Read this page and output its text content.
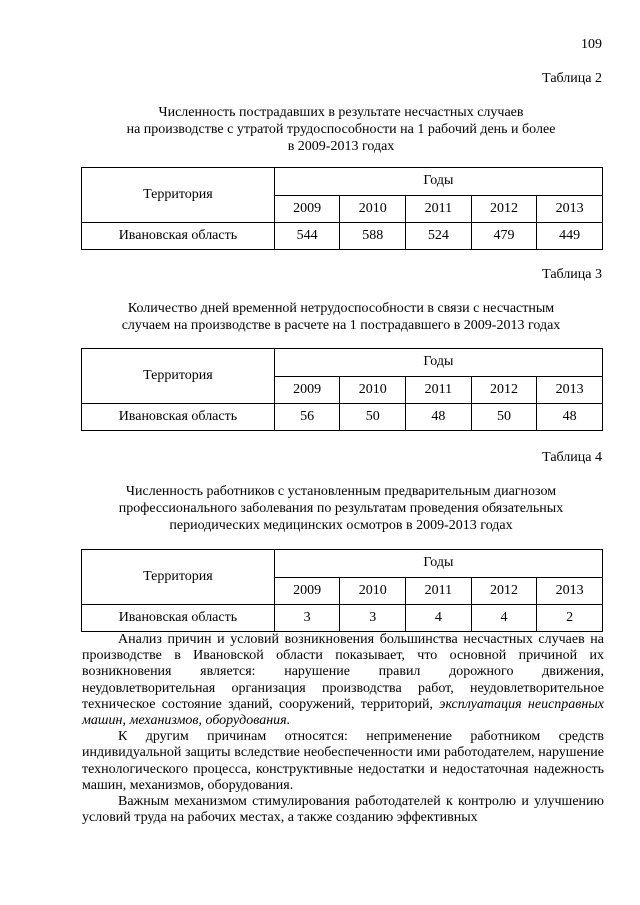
109
Таблица 2
Численность пострадавших в результате несчастных случаев
на производстве с утратой трудоспособности на 1 рабочий день и более
в 2009-2013 годах
Территория	Годы				
	2009	2010	2011	2012	2013
Ивановская область	544	588	524	479	449
Таблица 3
Количество дней временной нетрудоспособности в связи с несчастным
случаем на производстве в расчете на 1 пострадавшего в 2009-2013 годах
Территория	Годы				
	2009	2010	2011	2012	2013
Ивановская область	56	50	48	50	48
Таблица 4
Численность работников с установленным предварительным диагнозом
профессионального заболевания по результатам проведения обязательных
периодических медицинских осмотров в 2009-2013 годах
Территория	Годы				
	2009	2010	2011	2012	2013
Ивановская область	3	3	4	4	2

Анализ причин и условий возникновения большинства несчастных случаев на производстве в Ивановской области показывает, что основной причиной их возникновения является: нарушение правил дорожного движения, неудовлетворительная организация производства работ, неудовлетворительное техническое состояние зданий, сооружений, территорий, эксплуатация неисправных машин, механизмов, оборудования.

К другим причинам относятся: неприменение работником средств индивидуальной защиты вследствие необеспеченности ими работодателем, нарушение технологического процесса, конструктивные недостатки и недостаточная надежность машин, механизмов, оборудования.

Важным механизмом стимулирования работодателей к контролю и улучшению условий труда на рабочих местах, а также созданию эффективных
